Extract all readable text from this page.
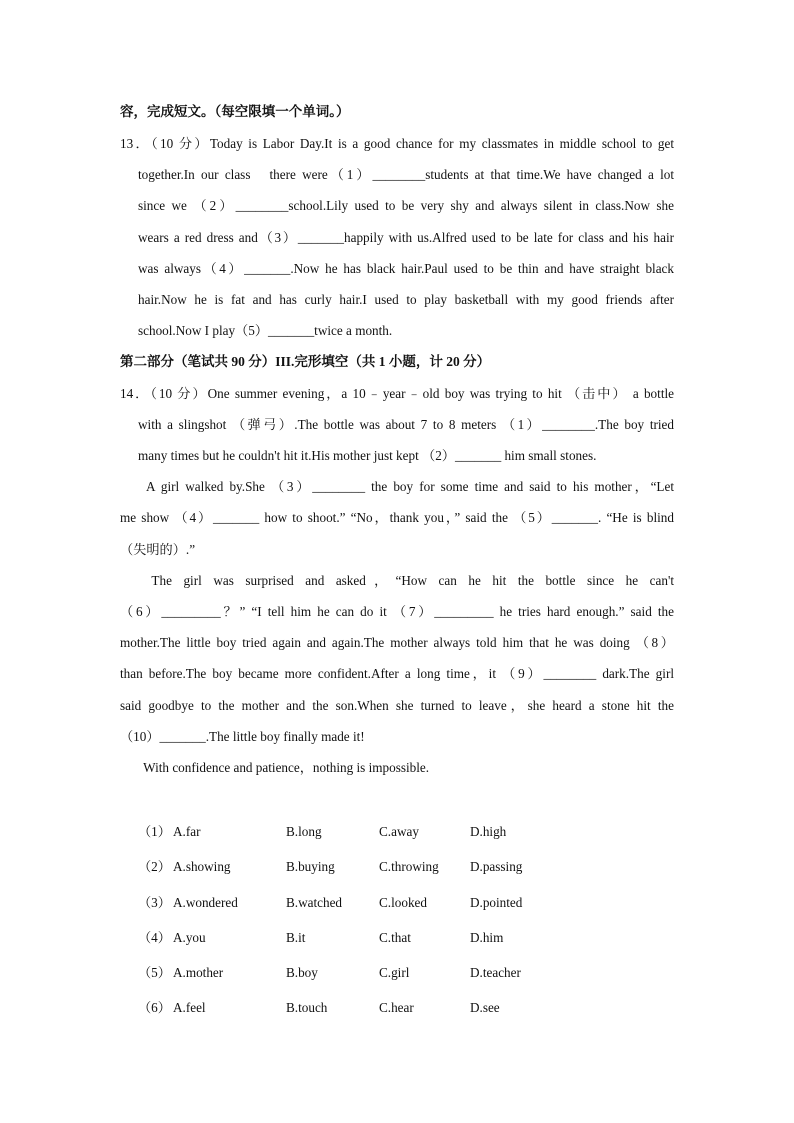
容，完成短文。（每空限填一个单词。）
13．（10 分）Today is Labor Day.It is a good chance for my classmates in middle school to get
together.In our class　there were（1）________students at that time.We have changed a lot
since we （2）________school.Lily used to be very shy and always silent in class.Now she
wears a red dress and（3）_______happily with us.Alfred used to be late for class and his hair
was always（4）_______.Now he has black hair.Paul used to be thin and have straight black
hair.Now he is fat and has curly hair.I used to play basketball with my good friends after
school.Now I play（5）_______twice a month.
第二部分（笔试共 90 分）III.完形填空（共 1 小题，计 20 分）
14．（10 分）One summer evening，a 10﹣year﹣old boy was trying to hit （击中） a bottle
with a slingshot （弹弓）.The bottle was about 7 to 8 meters （1）________.The boy tried
many times but he couldn't hit it.His mother just kept （2）_______ him small stones.
　A girl walked by.She （3）________ the boy for some time and said to his mother，“Let
me show （4）_______ how to shoot.” “No，thank you，” said the （5）_______. “He is blind
（失明的）.”
　The girl was surprised and asked，“How can he hit the bottle since he can't
（6）_________？” “I tell him he can do it （7）_________ he tries hard enough.” said the
mother.The little boy tried again and again.The mother always told him that he was doing （8）
than before.The boy became more confident.After a long time，it （9）________ dark.The girl
said goodbye to the mother and the son.When she turned to leave，she heard a stone hit the
（10）_______.The little boy finally made it!
　With confidence and patience，nothing is impossible.
（1） A.far	B.long	C.away	D.high
（2） A.showing	B.buying	C.throwing D.passing
（3） A.wondered	B.watched	C.looked	D.pointed
（4） A.you	B.it	C.that	D.him
（5） A.mother	B.boy	C.girl	D.teacher
（6） A.feel	B.touch	C.hear	D.see
